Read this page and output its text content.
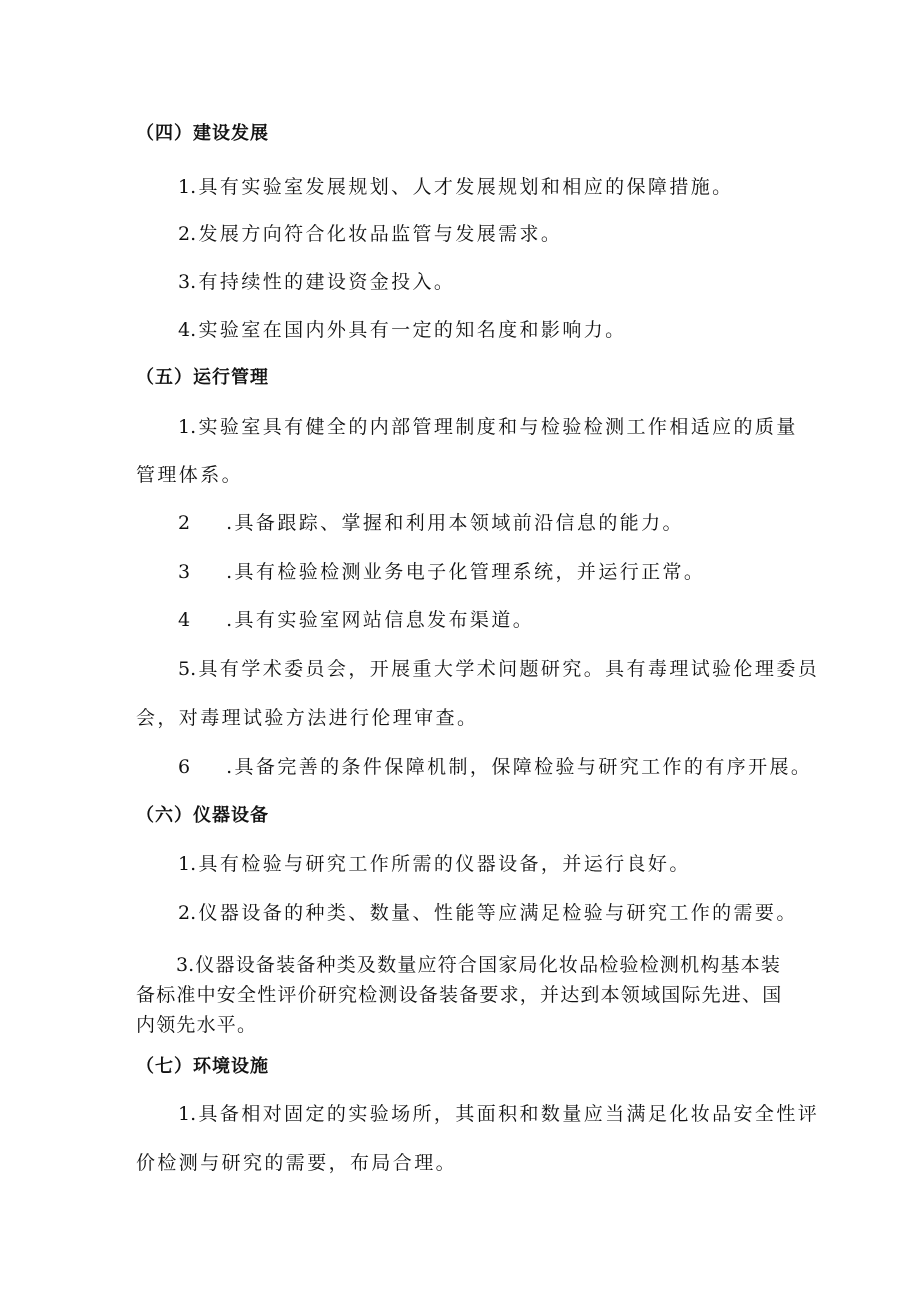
（四）建设发展
1.具有实验室发展规划、人才发展规划和相应的保障措施。
2.发展方向符合化妆品监管与发展需求。
3.有持续性的建设资金投入。
4.实验室在国内外具有一定的知名度和影响力。
（五）运行管理
1.实验室具有健全的内部管理制度和与检验检测工作相适应的质量
管理体系。
2 .具备跟踪、掌握和利用本领域前沿信息的能力。
3 .具有检验检测业务电子化管理系统，并运行正常。
4 .具有实验室网站信息发布渠道。
5.具有学术委员会，开展重大学术问题研究。具有毒理试验伦理委员
会，对毒理试验方法进行伦理审查。
6 .具备完善的条件保障机制，保障检验与研究工作的有序开展。
（六）仪器设备
1.具有检验与研究工作所需的仪器设备，并运行良好。
2.仪器设备的种类、数量、性能等应满足检验与研究工作的需要。
3.仪器设备装备种类及数量应符合国家局化妆品检验检测机构基本装
备标准中安全性评价研究检测设备装备要求，并达到本领域国际先进、国
内领先水平。
（七）环境设施
1.具备相对固定的实验场所，其面积和数量应当满足化妆品安全性评
价检测与研究的需要，布局合理。
